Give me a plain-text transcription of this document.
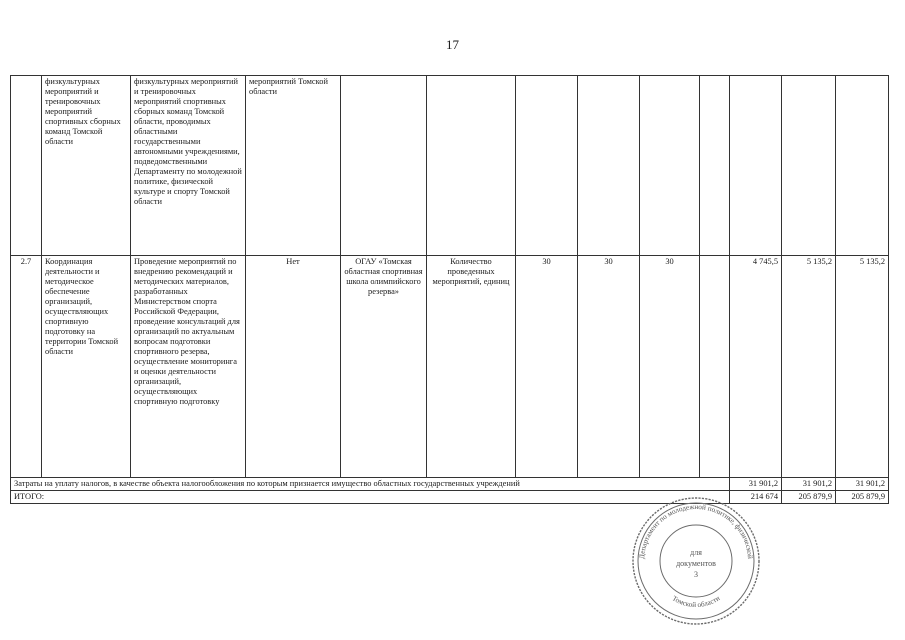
17
	физкультурных мероприятий и тренировочных мероприятий спортивных сборных команд Томской области	физкультурных мероприятий и тренировочных мероприятий спортивных сборных команд Томской области, проводимых областными государственными автономными учреждениями, подведомственными Департаменту по молодежной политике, физической культуре и спорту Томской области	мероприятий Томской области									
2.7	Координация деятельности и методическое обеспечение организаций, осуществляющих спортивную подготовку на территории Томской области	Проведение мероприятий по внедрению рекомендаций и методических материалов, разработанных Министерством спорта Российской Федерации, проведение консультаций для организаций по актуальным вопросам подготовки спортивного резерва, осуществление мониторинга и оценки деятельности организаций, осуществляющих спортивную подготовку	Нет	ОГАУ «Томская областная спортивная школа олимпийского резерва»	Количество проведенных мероприятий, единиц	30	30	30		4 745,5	5 135,2	5 135,2
Затраты на уплату налогов, в качестве объекта налогообложения по которым признается имущество областных государственных учреждений										31 901,2	31 901,2	31 901,2
ИТОГО:										214 674	205 879,9	205 879,9
Департамент по молодежной политике, физической
Томской области
для
документов
3
